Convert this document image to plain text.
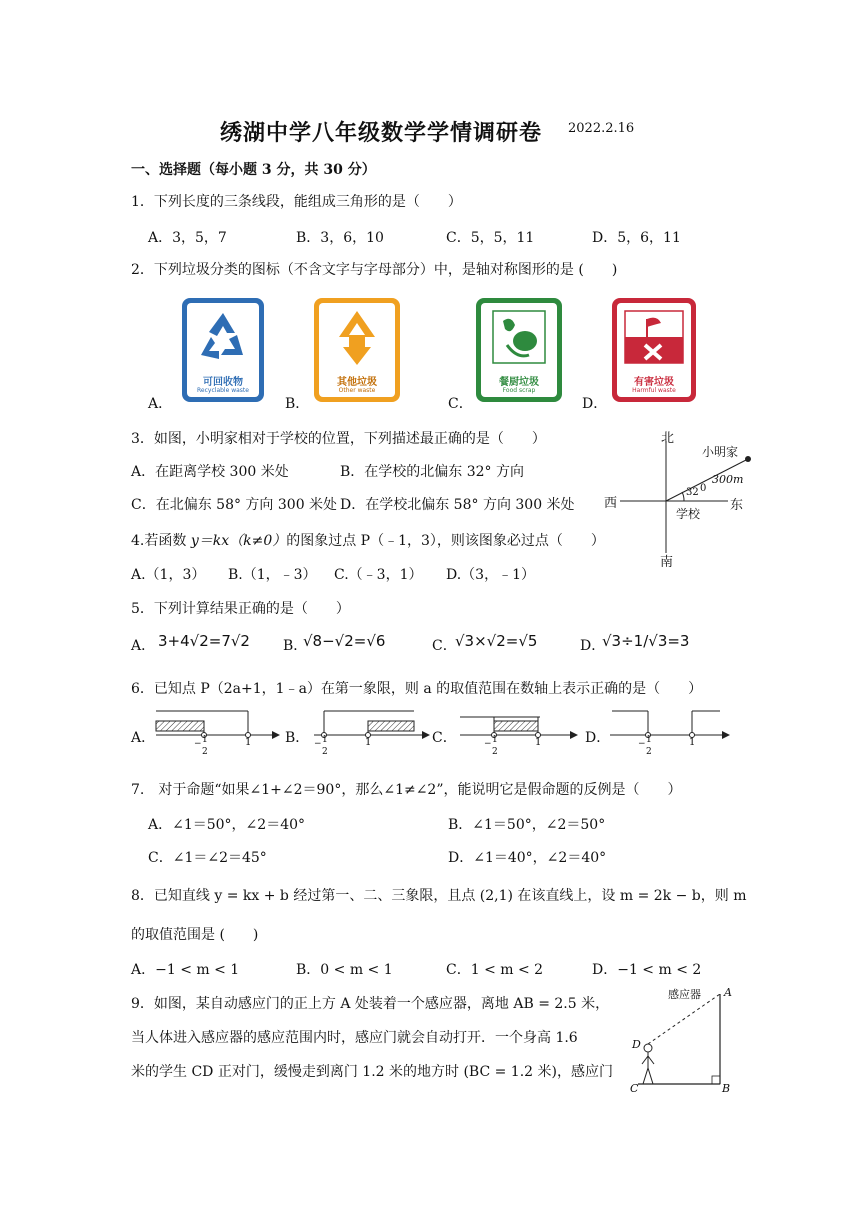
绣湖中学八年级数学学情调研卷 2022.2.16
一、选择题（每小题 3 分，共 30 分）
1．下列长度的三条线段，能组成三角形的是（　　）
A．3，5，7	B．3，6，10	C．5，5，11	D．5，6，11
2．下列垃圾分类的图标（不含文字与字母部分）中，是轴对称图形的是 (　　)
A．
可回收物
Recyclable waste
B．
其他垃圾
Other waste
C．
餐厨垃圾
Food scrap
D．
有害垃圾
Harmful waste
3．如图，小明家相对于学校的位置，下列描述最正确的是（　　）
A．在距离学校 300 米处	B．在学校的北偏东 32° 方向
C．在北偏东 58° 方向 300 米处 D．在学校北偏东 58° 方向 300 米处
北
南
西	东
小明家
300m
32 0
学校
4.若函数 y＝kx（k≠0）的图象过点 P（﹣1，3），则该图象必过点（　　）
A.（1，3） B.（1，﹣3） C.（﹣3，1） D.（3，﹣1）
5．下列计算结果正确的是（　　）
A． 3+4√2=7√2 B．
√8−√2=√6	C．
√3×√2=√5	D．
√3÷1/√3=3
6．已知点 P（2a+1，1﹣a）在第一象限，则 a 的取值范围在数轴上表示正确的是（　　）
A．	− 1
2
1 B． − 1
2
1	C．	− 1
2
1	D．	− 1
2
1
7.　对于命题“如果∠1+∠2＝90°，那么∠1≠∠2”，能说明它是假命题的反例是（　　）
A．∠1＝50°，∠2＝40°	B．∠1＝50°，∠2＝50°
C．∠1＝∠2＝45°	D．∠1＝40°，∠2＝40°
8．已知直线 y = kx + b 经过第一、二、三象限，且点 (2,1) 在该直线上，设 m = 2k − b，则 m
的取值范围是 (　　)
A．−1 < m < 1	B．0 < m < 1	C．1 < m < 2	D．−1 < m < 2
9．如图，某自动感应门的正上方 A 处装着一个感应器，离地 AB = 2.5 米，
当人体进入感应器的感应范围内时，感应门就会自动打开．一个身高 1.6
米的学生 CD 正对门，缓慢走到离门 1.2 米的地方时 (BC = 1.2 米)，感应门
感应器 A
B
C
D
